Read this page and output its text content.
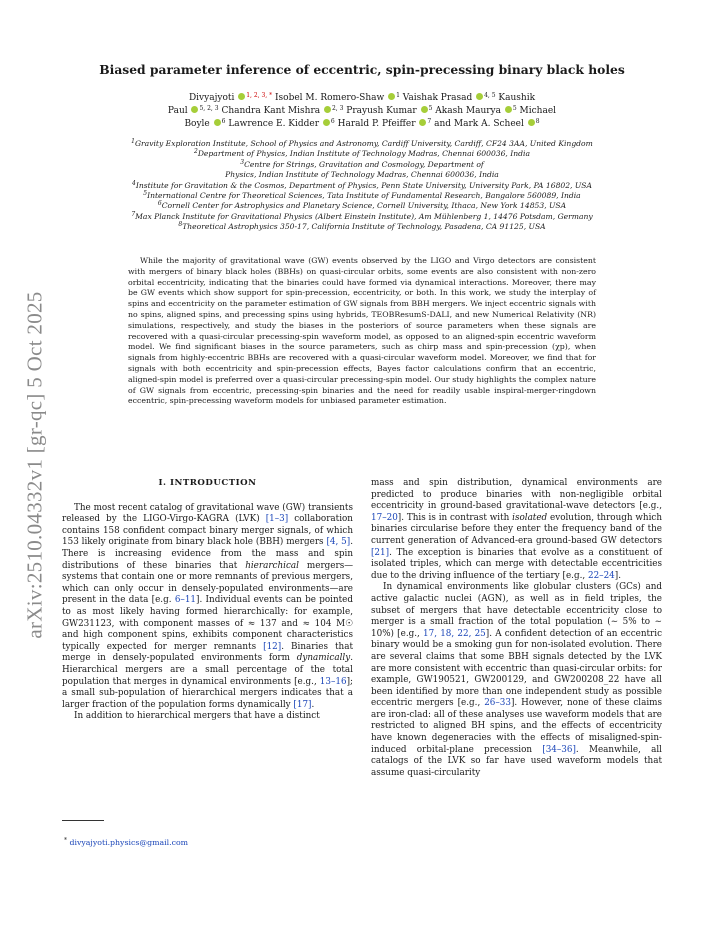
arXiv:2510.04332v1 [gr-qc] 5 Oct 2025
Biased parameter inference of eccentric, spin-precessing binary black holes
Divyajyoti $^{1, 2, 3, *}$ Isobel M. Romero-Shaw $^1$ Vaishak Prasad $^{4, 5}$ Kaushik
Paul $^{5, 2, 3}$ Chandra Kant Mishra $^{2, 3}$ Prayush Kumar $^5$ Akash Maurya $^5$ Michael
Boyle $^6$ Lawrence E. Kidder $^6$ Harald P. Pfeiffer $^7$ and Mark A. Scheel $^8$
$^1$Gravity Exploration Institute, School of Physics and Astronomy, Cardiff University, Cardiff, CF24 3AA, United Kingdom
$^2$Department of Physics, Indian Institute of Technology Madras, Chennai 600036, India
$^3$Centre for Strings, Gravitation and Cosmology, Department of
Physics, Indian Institute of Technology Madras, Chennai 600036, India
$^4$Institute for Gravitation & the Cosmos, Department of Physics, Penn State University, University Park, PA 16802, USA
$^5$International Centre for Theoretical Sciences, Tata Institute of Fundamental Research, Bangalore 560089, India
$^6$Cornell Center for Astrophysics and Planetary Science, Cornell University, Ithaca, New York 14853, USA
$^7$Max Planck Institute for Gravitational Physics (Albert Einstein Institute), Am Mühlenberg 1, 14476 Potsdam, Germany
$^8$Theoretical Astrophysics 350-17, California Institute of Technology, Pasadena, CA 91125, USA

While the majority of gravitational wave (GW) events observed by the LIGO and Virgo detectors are consistent with mergers of binary black holes (BBHs) on quasi-circular orbits, some events are also consistent with non-zero orbital eccentricity, indicating that the binaries could have formed via dynamical interactions. Moreover, there may be GW events which show support for spin-precession, eccentricity, or both. In this work, we study the interplay of spins and eccentricity on the parameter estimation of GW signals from BBH mergers. We inject eccentric signals with no spins, aligned spins, and precessing spins using hybrids, TEOBResumS-DALI, and new Numerical Relativity (NR) simulations, respectively, and study the biases in the posteriors of source parameters when these signals are recovered with a quasi-circular precessing-spin waveform model, as opposed to an aligned-spin eccentric waveform model. We find significant biases in the source parameters, such as chirp mass and spin-precession (χp), when signals from highly-eccentric BBHs are recovered with a quasi-circular waveform model. Moreover, we find that for signals with both eccentricity and spin-precession effects, Bayes factor calculations confirm that an eccentric, aligned-spin model is preferred over a quasi-circular precessing-spin model. Our study highlights the complex nature of GW signals from eccentric, precessing-spin binaries and the need for readily usable inspiral-merger-ringdown eccentric, spin-precessing waveform models for unbiased parameter estimation.

I. INTRODUCTION

The most recent catalog of gravitational wave (GW) transients released by the LIGO-Virgo-KAGRA (LVK) [1–3] collaboration contains 158 confident compact binary merger signals, of which 153 likely originate from binary black hole (BBH) mergers [4, 5]. There is increasing evidence from the mass and spin distributions of these binaries that hierarchical mergers—systems that contain one or more remnants of previous mergers, which can only occur in densely-populated environments—are present in the data [e.g. 6–11]. Individual events can be pointed to as most likely having formed hierarchically: for example, GW231123, with component masses of ≈ 137 and ≈ 104 M☉ and high component spins, exhibits component characteristics typically expected for merger remnants [12]. Binaries that merge in densely-populated environments form dynamically. Hierarchical mergers are a small percentage of the total population that merges in dynamical environments [e.g., 13–16]; a small sub-population of hierarchical mergers indicates that a larger fraction of the population forms dynamically [17].

In addition to hierarchical mergers that have a distinct

mass and spin distribution, dynamical environments are predicted to produce binaries with non-negligible orbital eccentricity in ground-based gravitational-wave detectors [e.g., 17–20]. This is in contrast with isolated evolution, through which binaries circularise before they enter the frequency band of the current generation of Advanced-era ground-based GW detectors [21]. The exception is binaries that evolve as a constituent of isolated triples, which can merge with detectable eccentricities due to the driving influence of the tertiary [e.g., 22–24].

In dynamical environments like globular clusters (GCs) and active galactic nuclei (AGN), as well as in field triples, the subset of mergers that have detectable eccentricity close to merger is a small fraction of the total population (∼ 5% to ∼ 10%) [e.g., 17, 18, 22, 25]. A confident detection of an eccentric binary would be a smoking gun for non-isolated evolution. There are several claims that some BBH signals detected by the LVK are more consistent with eccentric than quasi-circular orbits: for example, GW190521, GW200129, and GW200208_22 have all been identified by more than one independent study as possible eccentric mergers [e.g., 26–33]. However, none of these claims are iron-clad: all of these analyses use waveform models that are restricted to aligned BH spins, and the effects of eccentricity have known degeneracies with the effects of misaligned-spin-induced orbital-plane precession [34–36]. Meanwhile, all catalogs of the LVK so far have used waveform models that assume quasi-circularity

* divyajyoti.physics@gmail.com
